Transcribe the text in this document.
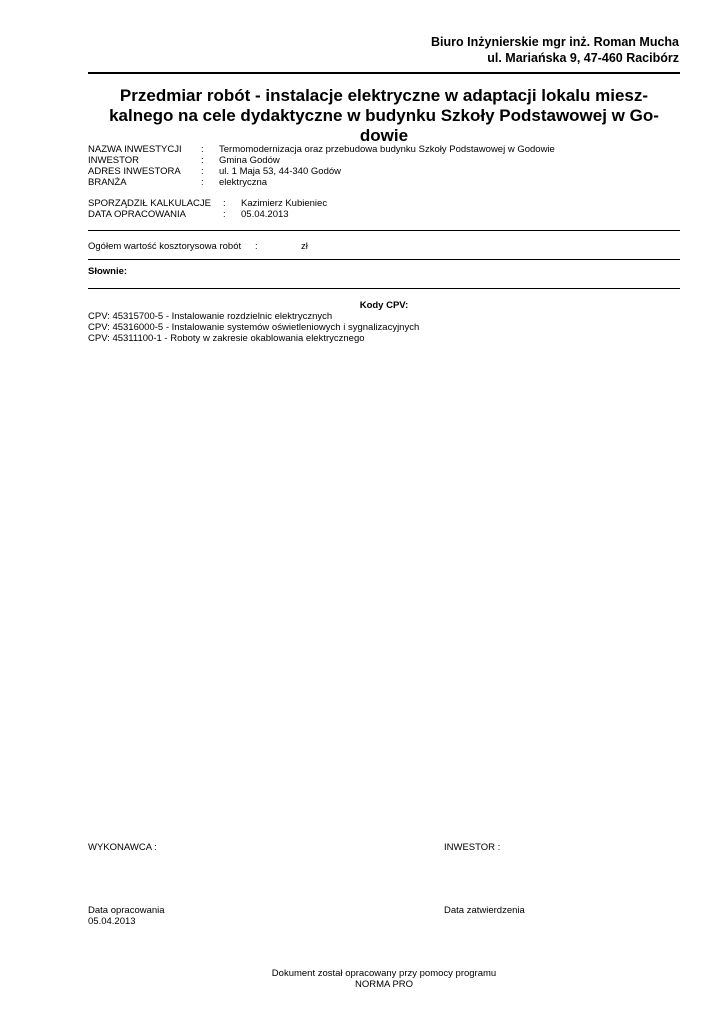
Biuro Inżynierskie mgr inż. Roman Mucha
ul. Mariańska 9, 47-460 Racibórz
Przedmiar robót - instalacje elektryczne w adaptacji lokalu miesz-
kalnego na cele dydaktyczne w budynku Szkoły Podstawowej w Go-
dowie
NAZWA INWESTYCJI : Termomodernizacja oraz przebudowa budynku Szkoły Podstawowej w Godowie
INWESTOR	: Gmina Godów
ADRES INWESTORA : ul. 1 Maja 53, 44-340 Godów
BRANŻA	: elektryczna
SPORZĄDZIŁ KALKULACJE : Kazimierz Kubieniec
DATA OPRACOWANIA	: 05.04.2013
Ogółem wartość kosztorysowa robót :	zł
Słownie:
Kody CPV:
CPV: 45315700-5 - Instalowanie rozdzielnic elektrycznych
CPV: 45316000-5 - Instalowanie systemów oświetleniowych i sygnalizacyjnych
CPV: 45311100-1 - Roboty w zakresie okablowania elektrycznego
WYKONAWCA :	INWESTOR :
Data opracowania
05.04.2013
Data zatwierdzenia
Dokument został opracowany przy pomocy programu
NORMA PRO
